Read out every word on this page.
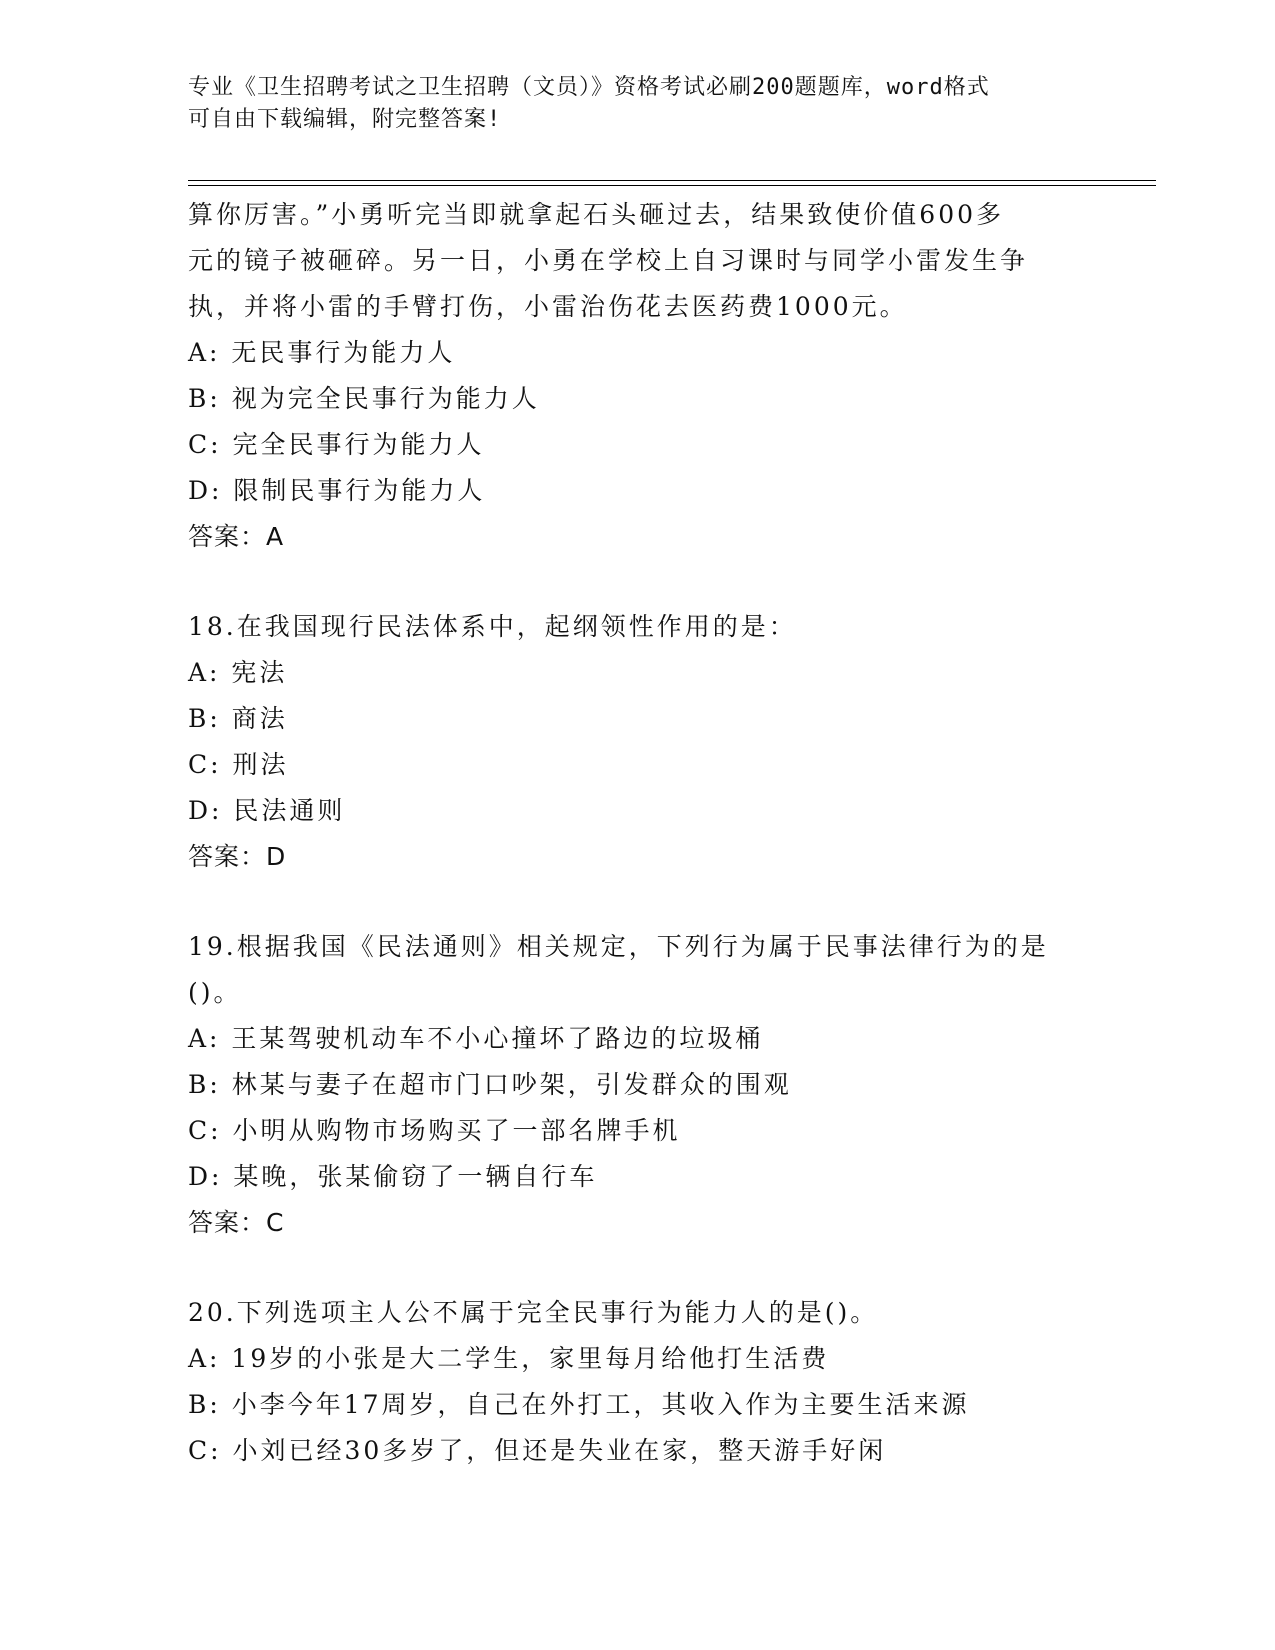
专业《卫生招聘考试之卫生招聘（文员）》资格考试必刷200题题库，word格式
可自由下载编辑，附完整答案!
算你厉害。”小勇听完当即就拿起石头砸过去，结果致使价值600多
元的镜子被砸碎。另一日，小勇在学校上自习课时与同学小雷发生争
执，并将小雷的手臂打伤，小雷治伤花去医药费1000元。
A: 无民事行为能力人
B: 视为完全民事行为能力人
C: 完全民事行为能力人
D: 限制民事行为能力人
答案：A
18.在我国现行民法体系中，起纲领性作用的是：
A: 宪法
B: 商法
C: 刑法
D: 民法通则
答案：D
19.根据我国《民法通则》相关规定，下列行为属于民事法律行为的是
()。
A: 王某驾驶机动车不小心撞坏了路边的垃圾桶
B: 林某与妻子在超市门口吵架，引发群众的围观
C: 小明从购物市场购买了一部名牌手机
D: 某晚，张某偷窃了一辆自行车
答案：C
20.下列选项主人公不属于完全民事行为能力人的是()。
A: 19岁的小张是大二学生，家里每月给他打生活费
B: 小李今年17周岁，自己在外打工，其收入作为主要生活来源
C: 小刘已经30多岁了，但还是失业在家，整天游手好闲
